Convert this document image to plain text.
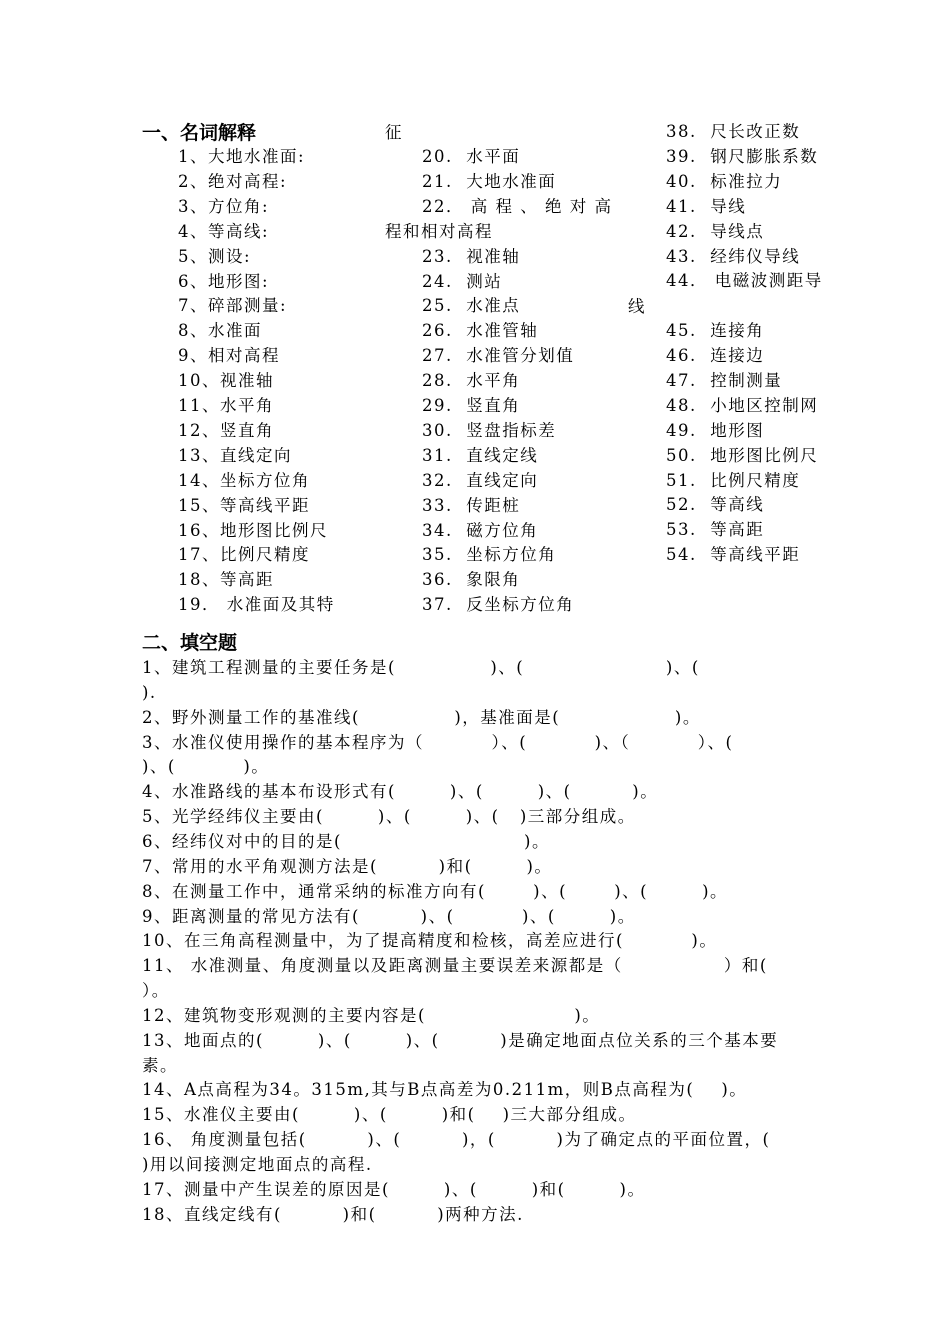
一、名词解释	征
程和相对高程
线
1、大地水准面:
2、绝对高程:
3、方位角:
4、等高线:
5、测设:
6、地形图:
7、碎部测量:
8、水准面
9、相对高程
10、视准轴
11、水平角
12、竖直角
13、直线定向
14、坐标方位角
15、等高线平距
16、地形图比例尺
17、比例尺精度
18、等高距
19． 水准面及其特
20.  水平面
21.  大地水准面
22． 高 程 、 绝 对 高
23.  视准轴
24.  测站
25.  水准点
26.  水准管轴
27.  水准管分划值
28.  水平角
29.  竖直角
30.  竖盘指标差
31.  直线定线
32.  直线定向
33.  传距桩
34.  磁方位角
35.  坐标方位角
36.  象限角
37.  反坐标方位角
38.  尺长改正数
39.  钢尺膨胀系数
40.  标准拉力
41.  导线
42.  导线点
43.  经纬仪导线
44． 电磁波测距导
45.  连接角
46.  连接边
47.  控制测量
48.  小地区控制网
49.  地形图
50.  地形图比例尺
51.  比例尺精度
52.  等高线
53.  等高距
54.  等高线平距
二、填空题
1、建筑工程测量的主要任务是(              )、(                     )、(
).
2、野外测量工作的基准线(              )，基准面是(                 )。
3、水准仪使用操作的基本程序为（          ）、(          )、（          ）、(
)、(          )。
4、水准路线的基本布设形式有(        )、(        )、(         )。
5、光学经纬仪主要由(        )、(        )、(   )三部分组成。
6、经纬仪对中的目的是(                           )。
7、常用的水平角观测方法是(         )和(        )。
8、在测量工作中，通常采纳的标准方向有(       )、(       )、(        )。
9、距离测量的常见方法有(         )、(          )、(        )。
10、在三角高程测量中，为了提高精度和检核，高差应进行(          )。
11、 水准测量、角度测量以及距离测量主要误差来源都是（               ）和(
）。
12、建筑物变形观测的主要内容是(                      )。
13、地面点的(        )、(        )、(         )是确定地面点位关系的三个基本要
素。
14、A点高程为34。315m,其与B点高差为0.211m，则B点高程为(    )。
15、水准仪主要由(        )、(        )和(    )三大部分组成。
16、 角度测量包括(         )、(         )，(         )为了确定点的平面位置，(
)用以间接测定地面点的高程.
17、测量中产生误差的原因是(        )、(        )和(        )。
18、直线定线有(         )和(         )两种方法.
